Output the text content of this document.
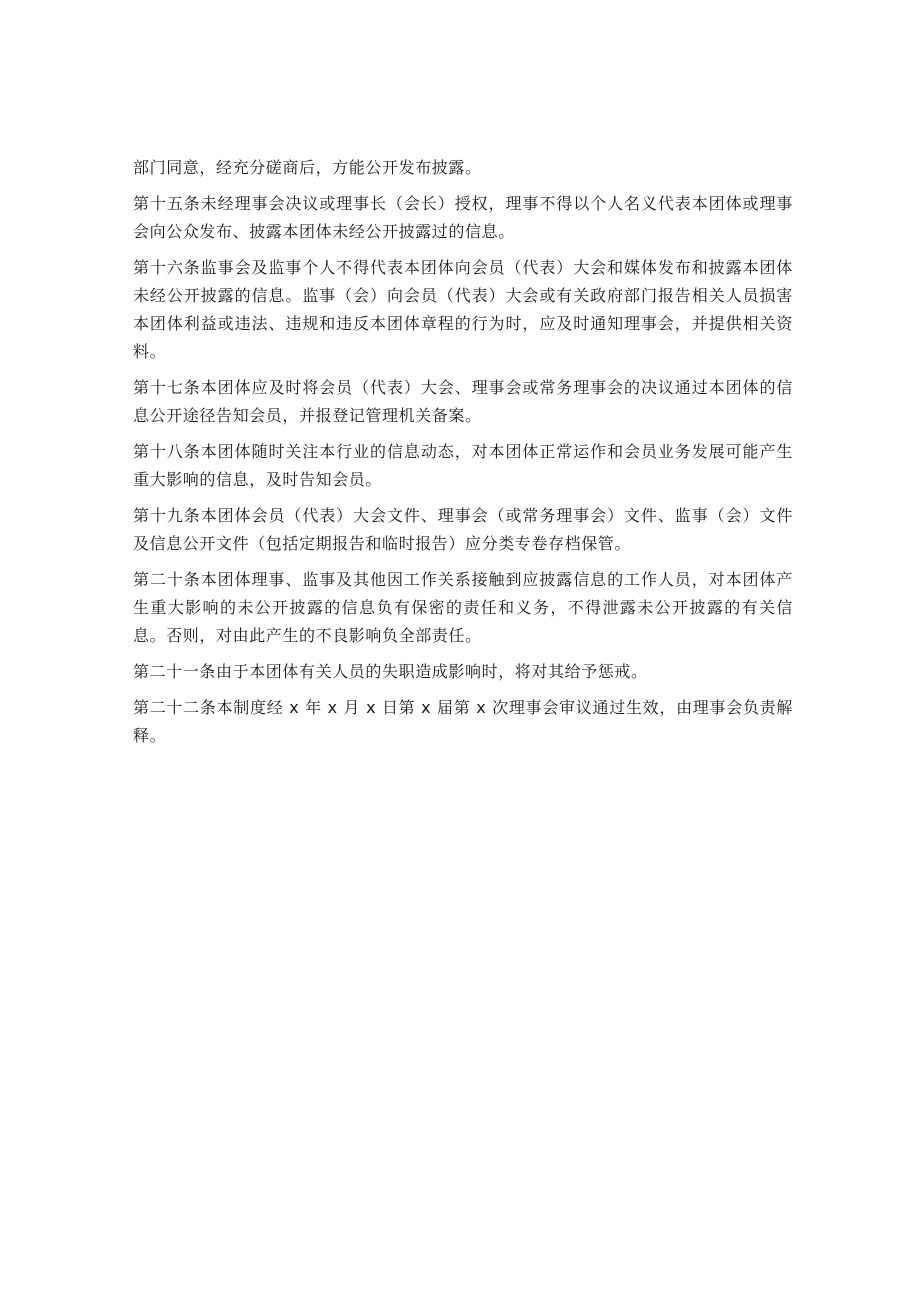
部门同意，经充分磋商后，方能公开发布披露。

第十五条未经理事会决议或理事长（会长）授权，理事不得以个人名义代表本团体或理事会向公众发布、披露本团体未经公开披露过的信息。

第十六条监事会及监事个人不得代表本团体向会员（代表）大会和媒体发布和披露本团体未经公开披露的信息。监事（会）向会员（代表）大会或有关政府部门报告相关人员损害本团体利益或违法、违规和违反本团体章程的行为时，应及时通知理事会，并提供相关资料。

第十七条本团体应及时将会员（代表）大会、理事会或常务理事会的决议通过本团体的信息公开途径告知会员，并报登记管理机关备案。

第十八条本团体随时关注本行业的信息动态，对本团体正常运作和会员业务发展可能产生重大影响的信息，及时告知会员。

第十九条本团体会员（代表）大会文件、理事会（或常务理事会）文件、监事（会）文件及信息公开文件（包括定期报告和临时报告）应分类专卷存档保管。

第二十条本团体理事、监事及其他因工作关系接触到应披露信息的工作人员，对本团体产生重大影响的未公开披露的信息负有保密的责任和义务，不得泄露未公开披露的有关信息。否则，对由此产生的不良影响负全部责任。

第二十一条由于本团体有关人员的失职造成影响时，将对其给予惩戒。

第二十二条本制度经 x 年 x 月 x 日第 x 届第 x 次理事会审议通过生效，由理事会负责解释。
